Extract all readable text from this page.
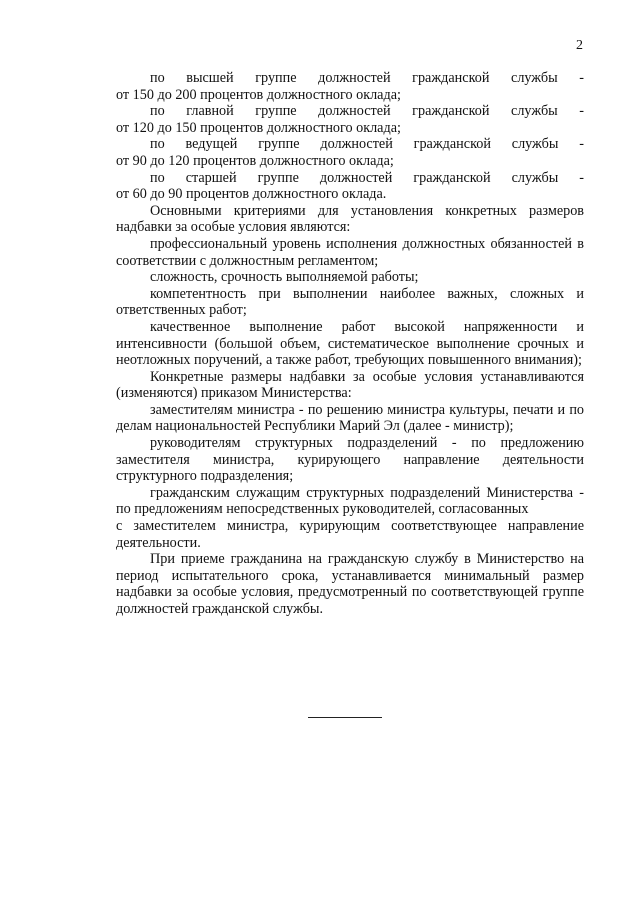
2

по высшей группе должностей гражданской службы -

от 150 до 200 процентов должностного оклада;

по главной группе должностей гражданской службы -

от 120 до 150 процентов должностного оклада;

по ведущей группе должностей гражданской службы -

от 90 до 120 процентов должностного оклада;

по старшей группе должностей гражданской службы -

от 60 до 90 процентов должностного оклада.

Основными критериями для установления конкретных размеров надбавки за особые условия являются:

профессиональный уровень исполнения должностных обязанностей в соответствии с должностным регламентом;

сложность, срочность выполняемой работы;

компетентность при выполнении наиболее важных, сложных и ответственных работ;

качественное выполнение работ высокой напряженности и интенсивности (большой объем, систематическое выполнение срочных и неотложных поручений, а также работ, требующих повышенного внимания);

Конкретные размеры надбавки за особые условия устанавливаются (изменяются) приказом Министерства:

заместителям министра - по решению министра культуры, печати и по делам национальностей Республики Марий Эл (далее - министр);

руководителям структурных подразделений - по предложению заместителя министра, курирующего направление деятельности структурного подразделения;

гражданским служащим структурных подразделений Министерства - по предложениям непосредственных руководителей, согласованных

с заместителем министра, курирующим соответствующее направление деятельности.

При приеме гражданина на гражданскую службу в Министерство на период испытательного срока, устанавливается минимальный размер надбавки за особые условия, предусмотренный по соответствующей группе должностей гражданской службы.
